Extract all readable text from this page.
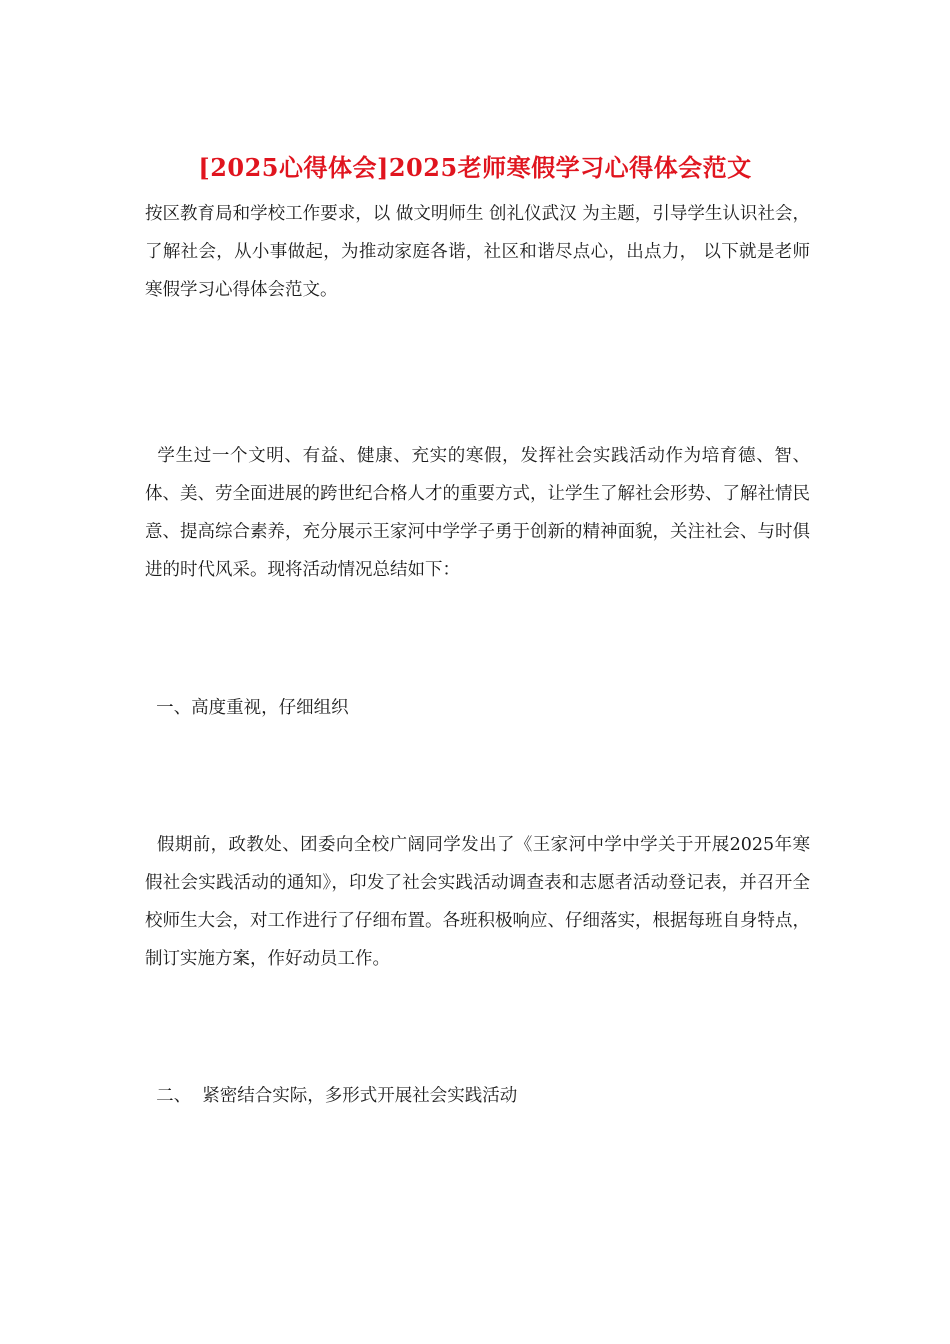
[2025心得体会]2025老师寒假学习心得体会范文
按区教育局和学校工作要求，以 做文明师生 创礼仪武汉 为主题，引导学生认识社会，了解社会，从小事做起，为推动家庭各谐，社区和谐尽点心，出点力， 以下就是老师寒假学习心得体会范文。
学生过一个文明、有益、健康、充实的寒假，发挥社会实践活动作为培育德、智、体、美、劳全面进展的跨世纪合格人才的重要方式，让学生了解社会形势、了解社情民意、提高综合素养，充分展示王家河中学学子勇于创新的精神面貌，关注社会、与时俱进的时代风采。现将活动情况总结如下：
一、高度重视，仔细组织
假期前，政教处、团委向全校广阔同学发出了《王家河中学中学关于开展2025年寒假社会实践活动的通知》，印发了社会实践活动调查表和志愿者活动登记表，并召开全校师生大会，对工作进行了仔细布置。各班积极响应、仔细落实，根据每班自身特点，制订实施方案，作好动员工作。
二、  紧密结合实际，多形式开展社会实践活动
